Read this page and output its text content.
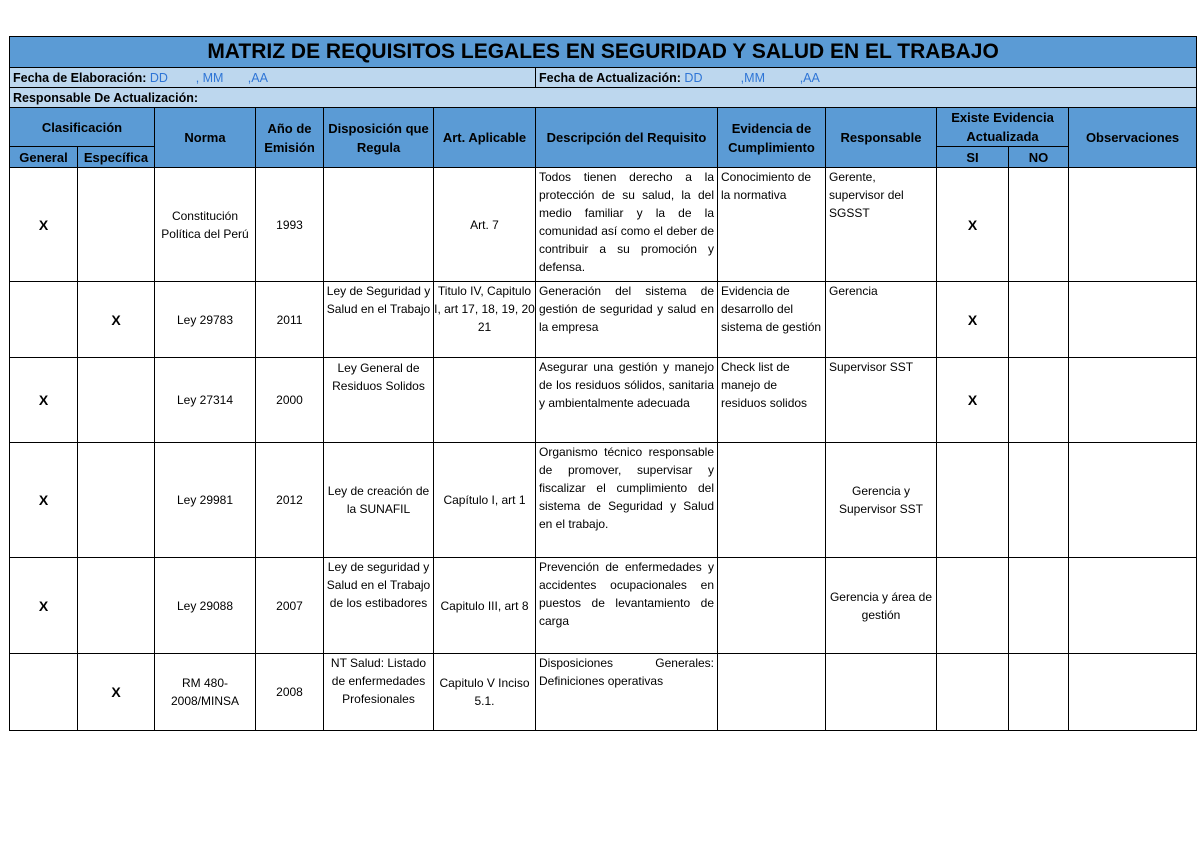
MATRIZ DE REQUISITOS LEGALES EN SEGURIDAD Y SALUD EN EL TRABAJO											
Fecha de Elaboración: DD        , MM       ,AA						Fecha de Actualización: DD           ,MM          ,AA					
Responsable De Actualización:											
Clasificación		Norma	Año de Emisión	Disposición que Regula	Art. Aplicable	Descripción del Requisito	Evidencia de Cumplimiento	Responsable	Existe Evidencia Actualizada		Observaciones
General	Específica								SI	NO	
X		Constitución Política del Perú	1993		Art. 7	Todos tienen derecho a la protección de su salud, la del medio familiar y la de la comunidad así como el deber de contribuir a su promoción y defensa.	Conocimiento de la normativa	Gerente, supervisor del SGSST	X		
	X	Ley 29783	2011	Ley de Seguridad y Salud en el Trabajo	Titulo IV, Capitulo I, art 17, 18, 19, 20 21	Generación del sistema de gestión de seguridad y salud en la empresa	Evidencia de desarrollo del sistema de gestión	Gerencia	X		
X		Ley 27314	2000	Ley General de Residuos Solidos		Asegurar una gestión y manejo de los residuos sólidos, sanitaria y ambientalmente adecuada	Check list de manejo de residuos solidos	Supervisor SST	X		
X		Ley 29981	2012	Ley de creación de la SUNAFIL	Capítulo I, art 1	Organismo técnico responsable de promover, supervisar y fiscalizar el cumplimiento del sistema de Seguridad y Salud en el trabajo.		Gerencia y Supervisor SST			
X		Ley 29088	2007	Ley de seguridad y Salud en el Trabajo de los estibadores	Capitulo III, art 8	Prevención de enfermedades y accidentes ocupacionales en puestos de levantamiento de carga		Gerencia y área de gestión			
	X	RM 480-2008/MINSA	2008	NT Salud: Listado de enfermedades Profesionales	Capitulo V Inciso 5.1.	Disposiciones Generales: Definiciones operativas					
